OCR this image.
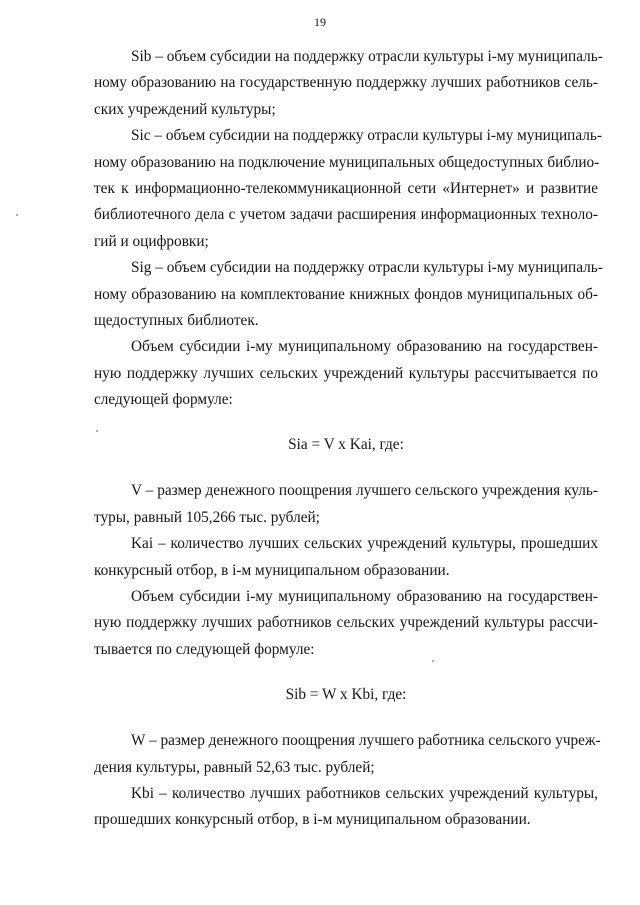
19
Sib – объем субсидии на поддержку отрасли культуры i-му муниципаль-
ному образованию на государственную поддержку лучших работников сель-
ских учреждений культуры;
Sic – объем субсидии на поддержку отрасли культуры i-му муниципаль-
ному образованию на подключение муниципальных общедоступных библио-
тек к информационно-телекоммуникационной сети «Интернет» и развитие
библиотечного дела с учетом задачи расширения информационных техноло-
гий и оцифровки;
Sig – объем субсидии на поддержку отрасли культуры i-му муниципаль-
ному образованию на комплектование книжных фондов муниципальных об-
щедоступных библиотек.
Объем субсидии i-му муниципальному образованию на государствен-
ную поддержку лучших сельских учреждений культуры рассчитывается по
следующей формуле:
Sia = V x Kai, где:
V – размер денежного поощрения лучшего сельского учреждения куль-
туры, равный 105,266 тыс. рублей;
Kai – количество лучших сельских учреждений культуры, прошедших
конкурсный отбор, в i-м муниципальном образовании.
Объем субсидии i-му муниципальному образованию на государствен-
ную поддержку лучших работников сельских учреждений культуры рассчи-
тывается по следующей формуле:
Sib = W x Kbi, где:
W – размер денежного поощрения лучшего работника сельского учреж-
дения культуры, равный 52,63 тыс. рублей;
Kbi – количество лучших работников сельских учреждений культуры,
прошедших конкурсный отбор, в i-м муниципальном образовании.
